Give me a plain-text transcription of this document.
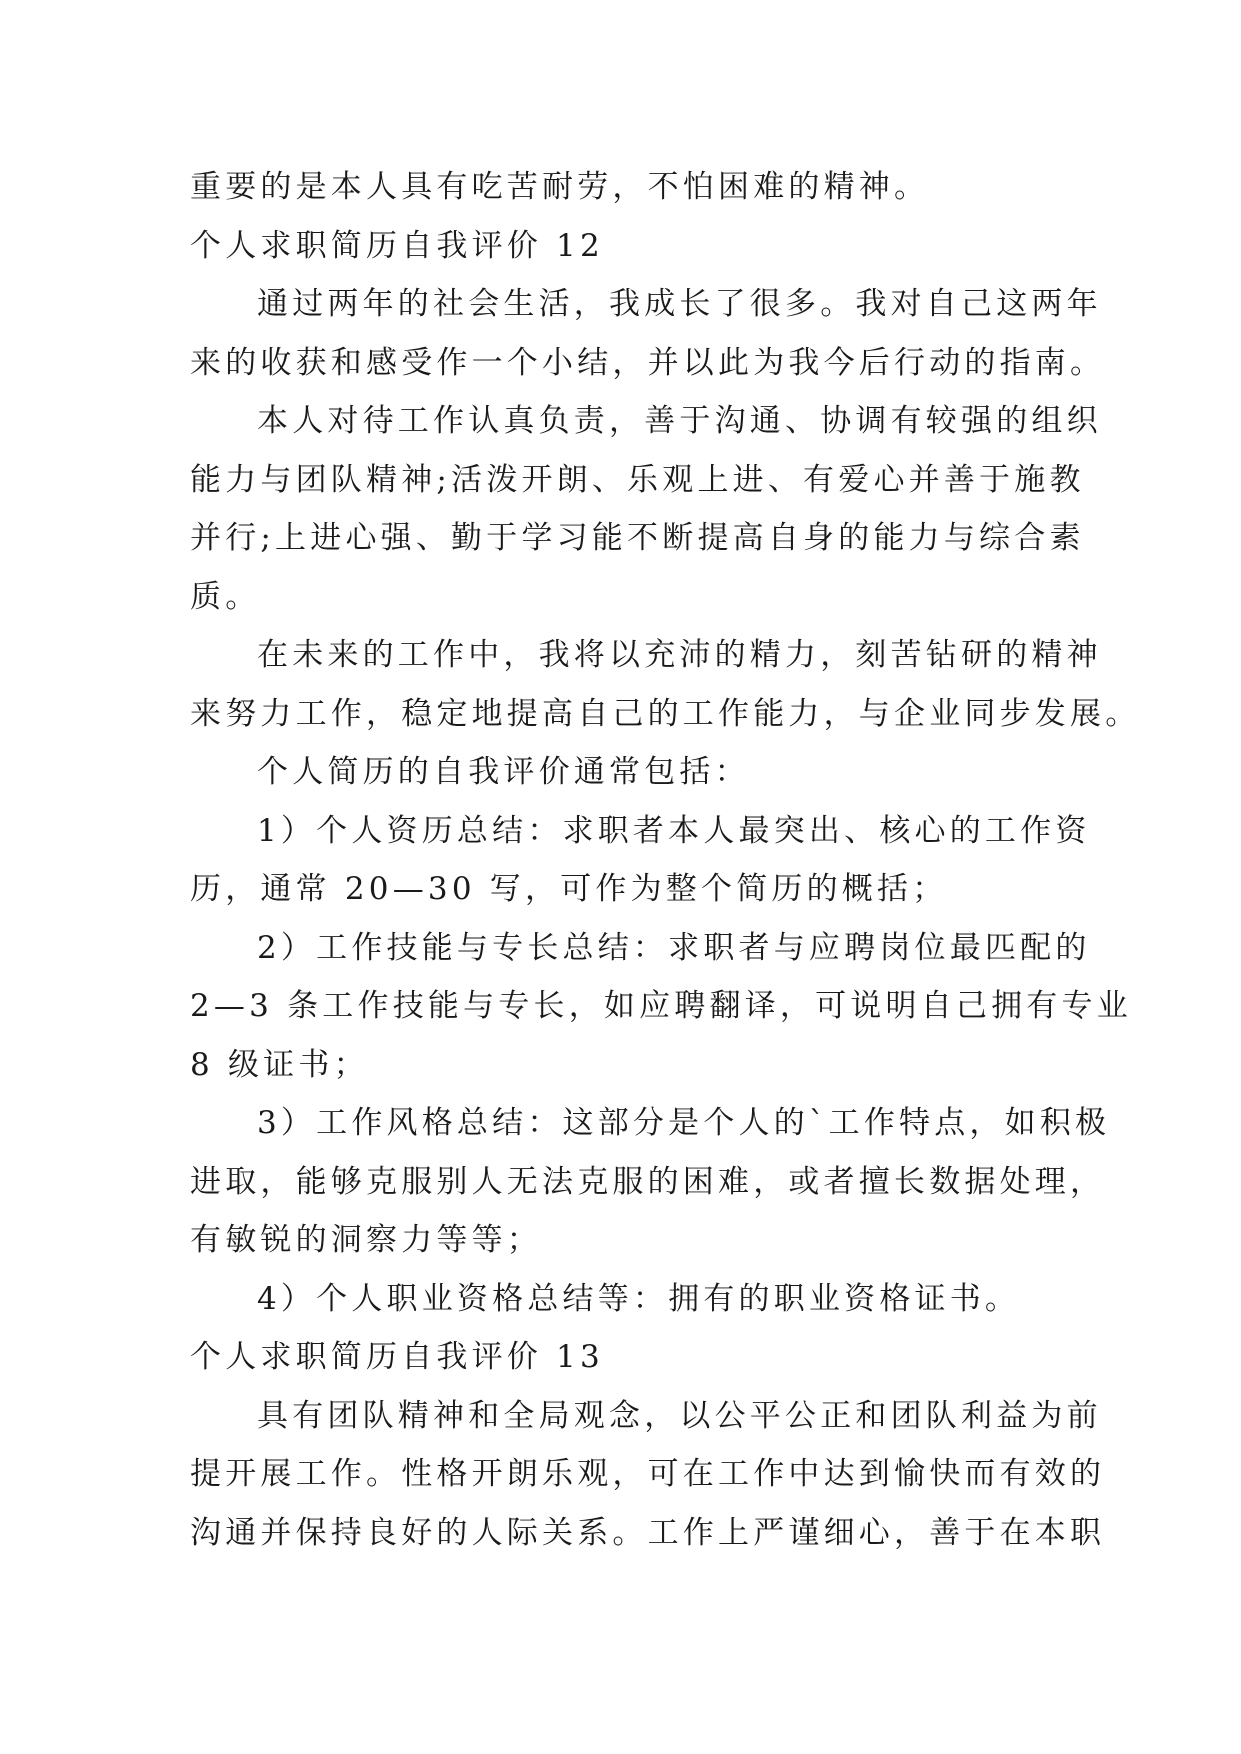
重要的是本人具有吃苦耐劳，不怕困难的精神。
个人求职简历自我评价 12
通过两年的社会生活，我成长了很多。我对自己这两年
来的收获和感受作一个小结，并以此为我今后行动的指南。
本人对待工作认真负责，善于沟通、协调有较强的组织
能力与团队精神;活泼开朗、乐观上进、有爱心并善于施教
并行;上进心强、勤于学习能不断提高自身的能力与综合素
质。
在未来的工作中，我将以充沛的精力，刻苦钻研的精神
来努力工作，稳定地提高自己的工作能力，与企业同步发展。
个人简历的自我评价通常包括：
1）个人资历总结：求职者本人最突出、核心的工作资
历，通常 20—30 写，可作为整个简历的概括；
2）工作技能与专长总结：求职者与应聘岗位最匹配的
2—3 条工作技能与专长，如应聘翻译，可说明自己拥有专业
8 级证书；
3）工作风格总结：这部分是个人的`工作特点，如积极
进取，能够克服别人无法克服的困难，或者擅长数据处理，
有敏锐的洞察力等等；
4）个人职业资格总结等：拥有的职业资格证书。
个人求职简历自我评价 13
具有团队精神和全局观念，以公平公正和团队利益为前
提开展工作。性格开朗乐观，可在工作中达到愉快而有效的
沟通并保持良好的人际关系。工作上严谨细心，善于在本职
